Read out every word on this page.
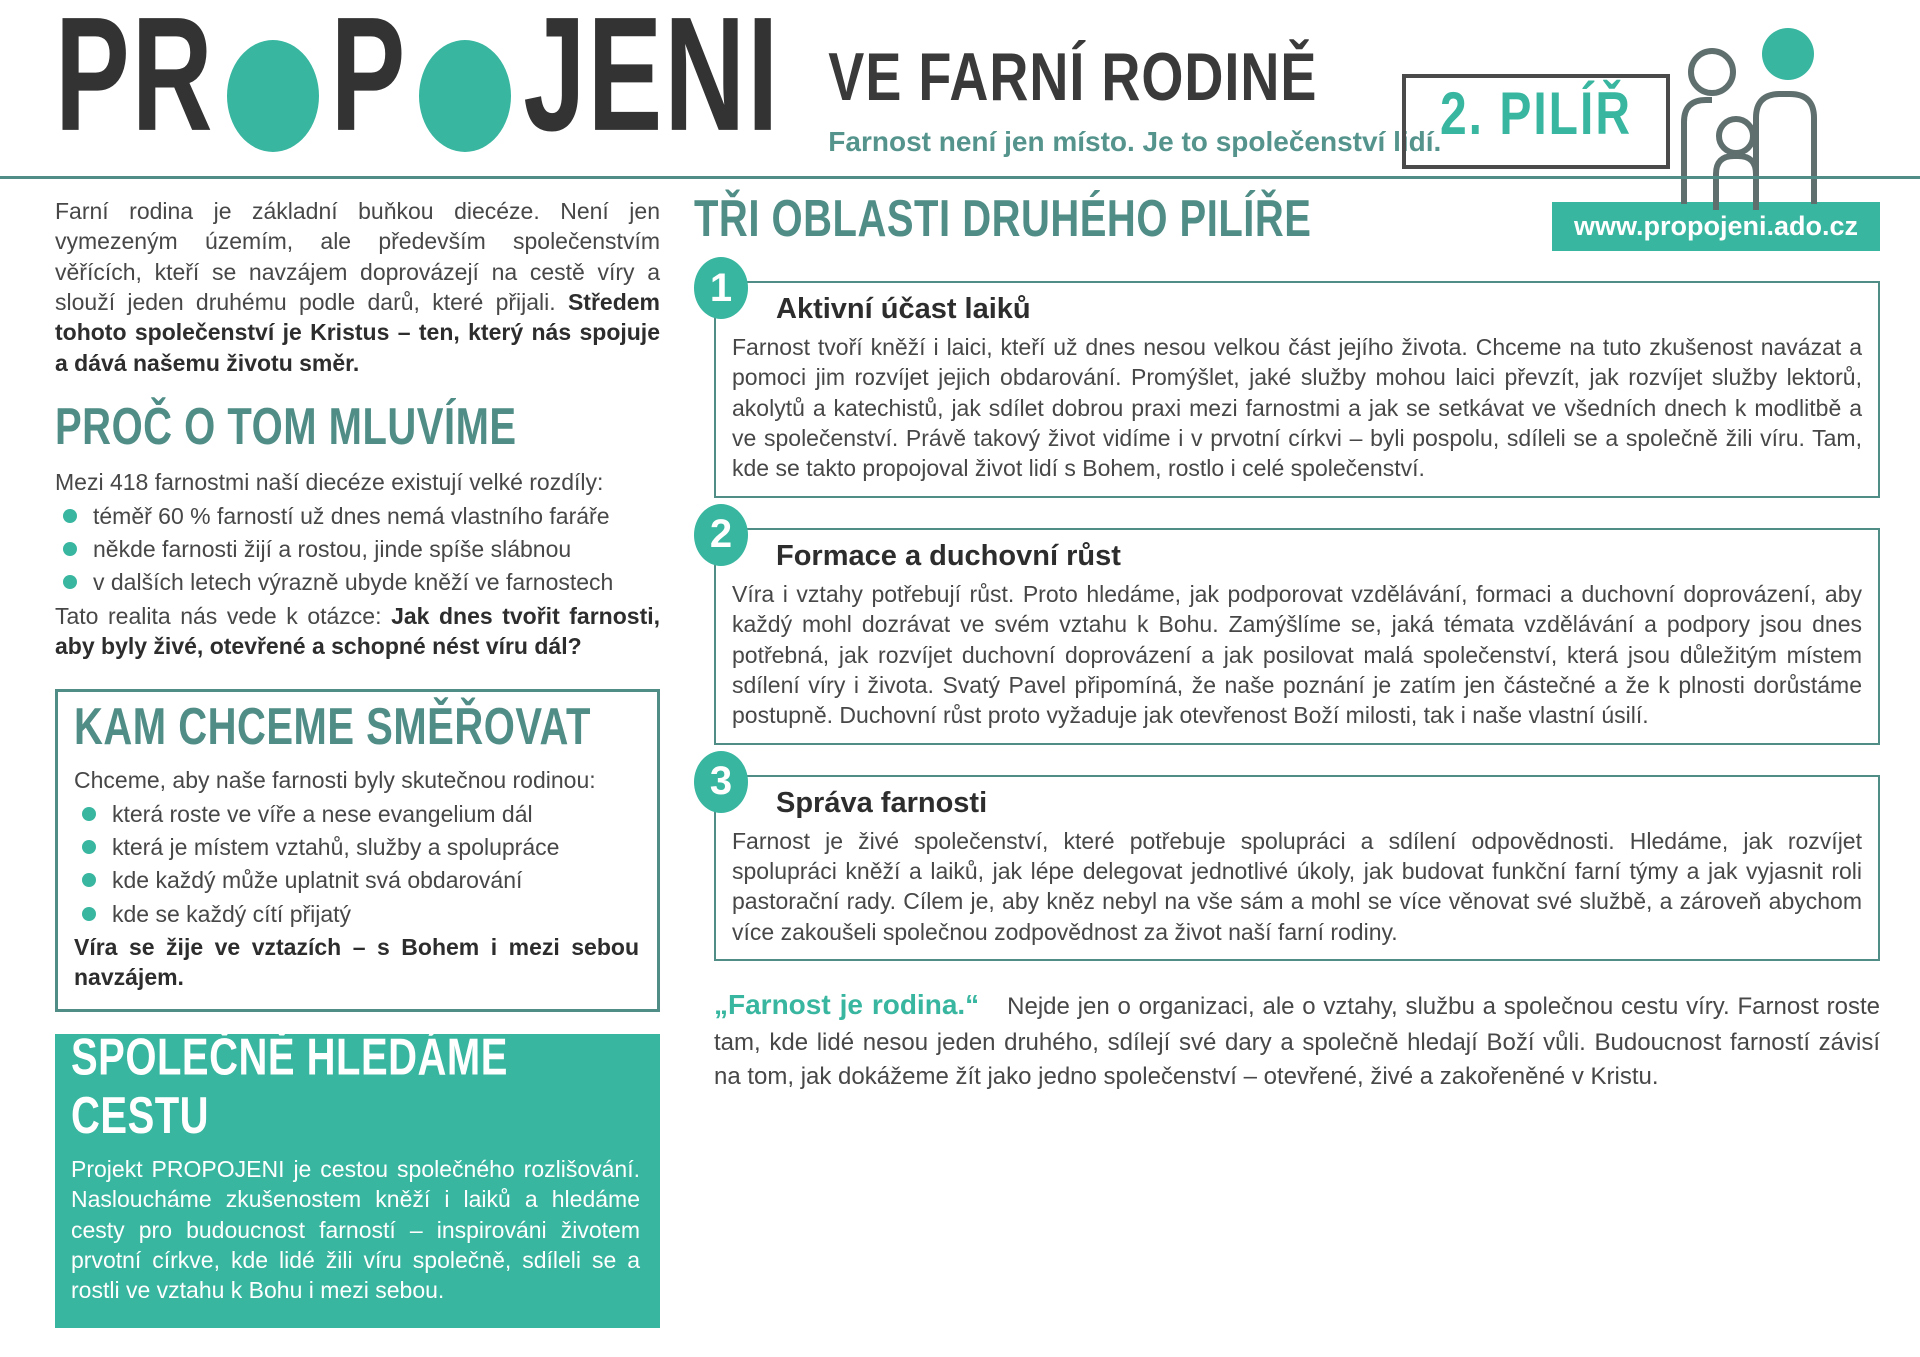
PR P JENI VE FARNÍ RODINĚ
Farnost není jen místo. Je to společenství lidí.
2. PILÍŘ

Farní rodina je základní buňkou diecéze. Není jen vymezeným územím, ale především společenstvím věřících, kteří se navzájem doprovázejí na cestě víry a slouží jeden druhému podle darů, které přijali. Středem tohoto společenství je Kristus – ten, který nás spojuje a dává našemu životu směr.

PROČ O TOM MLUVÍME

Mezi 418 farnostmi naší diecéze existují velké rozdíly:

téměř 60 % farností už dnes nemá vlastního faráře
někde farnosti žijí a rostou, jinde spíše slábnou
v dalších letech výrazně ubyde kněží ve farnostech

Tato realita nás vede k otázce: Jak dnes tvořit farnosti, aby byly živé, otevřené a schopné nést víru dál?

KAM CHCEME SMĚŘOVAT

Chceme, aby naše farnosti byly skutečnou rodinou:

která roste ve víře a nese evangelium dál
která je místem vztahů, služby a spolupráce
kde každý může uplatnit svá obdarování
kde se každý cítí přijatý

Víra se žije ve vztazích – s Bohem i mezi sebou navzájem.

SPOLEČNĚ HLEDÁME CESTU

Projekt PROPOJENI je cestou společného rozlišování. Nasloucháme zkušenostem kněží i laiků a hledáme cesty pro budoucnost farností – inspirováni životem prvotní církve, kde lidé žili víru společně, sdíleli se a rostli ve vztahu k Bohu i mezi sebou.

TŘI OBLASTI DRUHÉHO PILÍŘE	www.propojeni.ado.cz
1	Aktivní účast laiků
Farnost tvoří kněží i laici, kteří už dnes nesou velkou část jejího života. Chceme na tuto zkušenost navázat a pomoci jim rozvíjet jejich obdarování. Promýšlet, jaké služby mohou laici převzít, jak rozvíjet služby lektorů, akolytů a katechistů, jak sdílet dobrou praxi mezi farnostmi a jak se setkávat ve všedních dnech k modlitbě a ve společenství. Právě takový život vidíme i v prvotní církvi – byli pospolu, sdíleli se a společně žili víru. Tam, kde se takto propojoval život lidí s Bohem, rostlo i celé společenství.
2	Formace a duchovní růst
Víra i vztahy potřebují růst. Proto hledáme, jak podporovat vzdělávání, formaci a duchovní doprovázení, aby každý mohl dozrávat ve svém vztahu k Bohu. Zamýšlíme se, jaká témata vzdělávání a podpory jsou dnes potřebná, jak rozvíjet duchovní doprovázení a jak posilovat malá společenství, která jsou důležitým místem sdílení víry i života. Svatý Pavel připomíná, že naše poznání je zatím jen částečné a že k plnosti dorůstáme postupně. Duchovní růst proto vyžaduje jak otevřenost Boží milosti, tak i naše vlastní úsilí.
3	Správa farnosti
Farnost je živé společenství, které potřebuje spolupráci a sdílení odpovědnosti. Hledáme, jak rozvíjet spolupráci kněží a laiků, jak lépe delegovat jednotlivé úkoly, jak budovat funkční farní týmy a jak vyjasnit roli pastorační rady. Cílem je, aby kněz nebyl na vše sám a mohl se více věnovat své službě, a zároveň abychom více zakoušeli společnou zodpovědnost za život naší farní rodiny.

„Farnost je rodina.“ Nejde jen o organizaci, ale o vztahy, službu a společnou cestu víry. Farnost roste tam, kde lidé nesou jeden druhého, sdílejí své dary a společně hledají Boží vůli. Budoucnost farností závisí na tom, jak dokážeme žít jako jedno společenství – otevřené, živé a zakořeněné v Kristu.
